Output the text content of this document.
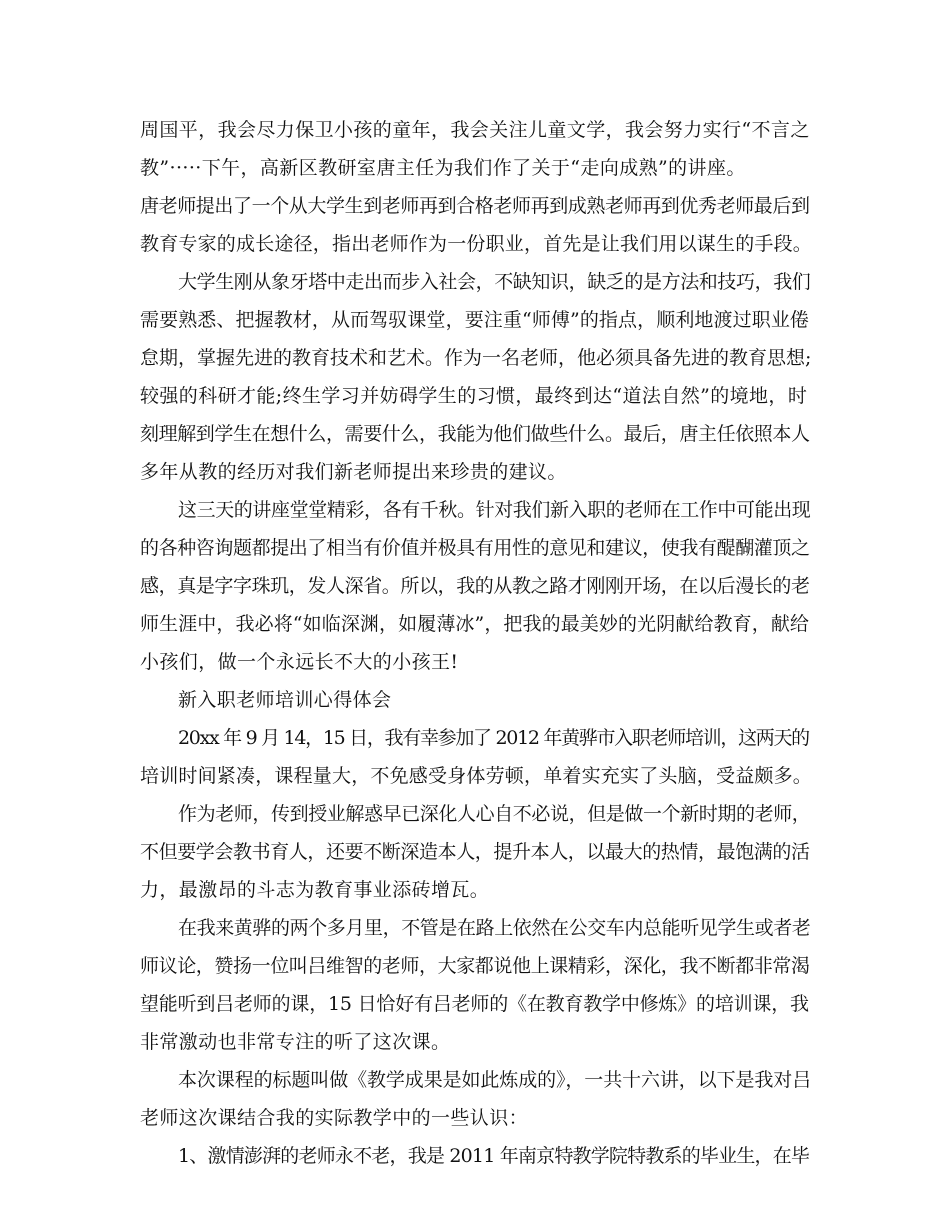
周国平，我会尽力保卫小孩的童年，我会关注儿童文学，我会努力实行“不言之
教”·····下午，高新区教研室唐主任为我们作了关于“走向成熟”的讲座。
唐老师提出了一个从大学生到老师再到合格老师再到成熟老师再到优秀老师最后到
教育专家的成长途径，指出老师作为一份职业，首先是让我们用以谋生的手段。
大学生刚从象牙塔中走出而步入社会，不缺知识，缺乏的是方法和技巧，我们
需要熟悉、把握教材，从而驾驭课堂，要注重“师傅”的指点，顺利地渡过职业倦
怠期，掌握先进的教育技术和艺术。作为一名老师，他必须具备先进的教育思想;
较强的科研才能;终生学习并妨碍学生的习惯，最终到达“道法自然”的境地，时
刻理解到学生在想什么，需要什么，我能为他们做些什么。最后，唐主任依照本人
多年从教的经历对我们新老师提出来珍贵的建议。
这三天的讲座堂堂精彩，各有千秋。针对我们新入职的老师在工作中可能出现
的各种咨询题都提出了相当有价值并极具有用性的意见和建议，使我有醍醐灌顶之
感，真是字字珠玑，发人深省。所以，我的从教之路才刚刚开场，在以后漫长的老
师生涯中，我必将“如临深渊，如履薄冰”，把我的最美妙的光阴献给教育，献给
小孩们，做一个永远长不大的小孩王!
新入职老师培训心得体会
20xx 年 9 月 14，15 日，我有幸参加了 2012 年黄骅市入职老师培训，这两天的
培训时间紧凑，课程量大，不免感受身体劳顿，单着实充实了头脑，受益颇多。
作为老师，传到授业解惑早已深化人心自不必说，但是做一个新时期的老师，
不但要学会教书育人，还要不断深造本人，提升本人，以最大的热情，最饱满的活
力，最激昂的斗志为教育事业添砖增瓦。
在我来黄骅的两个多月里，不管是在路上依然在公交车内总能听见学生或者老
师议论，赞扬一位叫吕维智的老师，大家都说他上课精彩，深化，我不断都非常渴
望能听到吕老师的课，15 日恰好有吕老师的《在教育教学中修炼》的培训课，我
非常激动也非常专注的听了这次课。
本次课程的标题叫做《教学成果是如此炼成的》，一共十六讲，以下是我对吕
老师这次课结合我的实际教学中的一些认识：
1、激情澎湃的老师永不老，我是 2011 年南京特教学院特教系的毕业生，在毕
